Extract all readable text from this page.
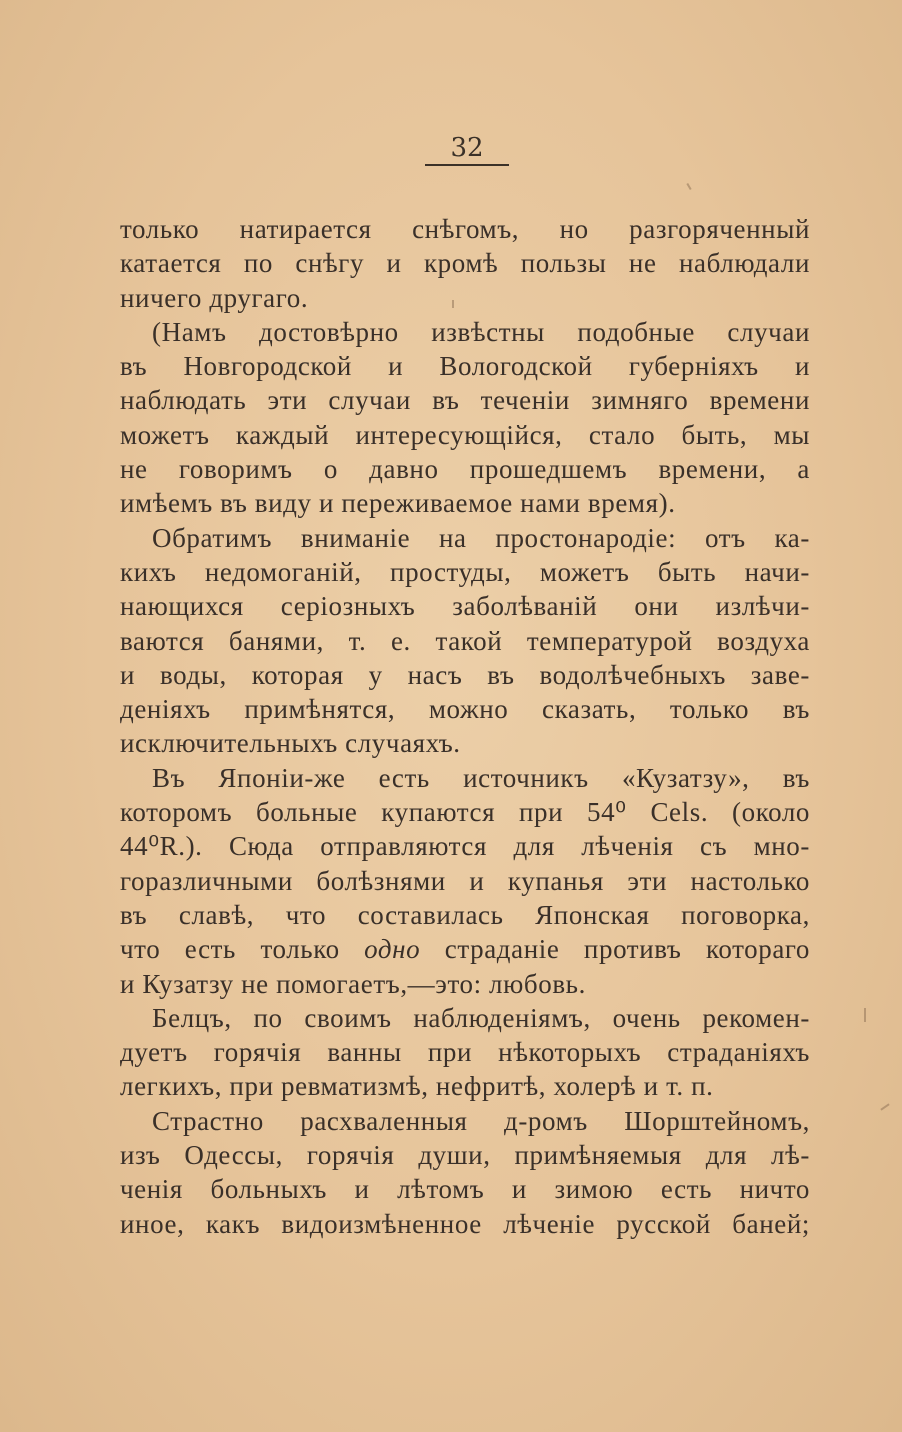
32
только натирается снѣгомъ, но разгоряченный
катается по снѣгу и кромѣ пользы не наблюдали
ничего другаго.
(Намъ достовѣрно извѣстны подобные случаи
въ Новгородской и Вологодской губерніяхъ и
наблюдать эти случаи въ теченіи зимняго времени
можетъ каждый интересующійся, стало быть, мы
не говоримъ о давно прошедшемъ времени, а
имѣемъ въ виду и переживаемое нами время).
Обратимъ вниманіе на простонародіе: отъ ка-
кихъ недомоганій, простуды, можетъ быть начи-
нающихся серіозныхъ заболѣваній они излѣчи-
ваются банями, т. е. такой температурой воздуха
и воды, которая у насъ въ водолѣчебныхъ заве-
деніяхъ примѣнятся, можно сказать, только въ
исключительныхъ случаяхъ.
Въ Японіи-же есть источникъ «Кузатзу», въ
которомъ больные купаются при 54⁰ Cels. (около
44⁰R.). Сюда отправляются для лѣченія съ мно-
горазличными болѣзнями и купанья эти настолько
въ славѣ, что составилась Японская поговорка,
что есть только одно страданіе противъ котораго
и Кузатзу не помогаетъ,—это: любовь.
Белцъ, по своимъ наблюденіямъ, очень рекомен-
дуетъ горячія ванны при нѣкоторыхъ страданіяхъ
легкихъ, при ревматизмѣ, нефритѣ, холерѣ и т. п.
Страстно расхваленныя д-ромъ Шорштейномъ,
изъ Одессы, горячія души, примѣняемыя для лѣ-
ченія больныхъ и лѣтомъ и зимою есть ничто
иное, какъ видоизмѣненное лѣченіе русской баней;
